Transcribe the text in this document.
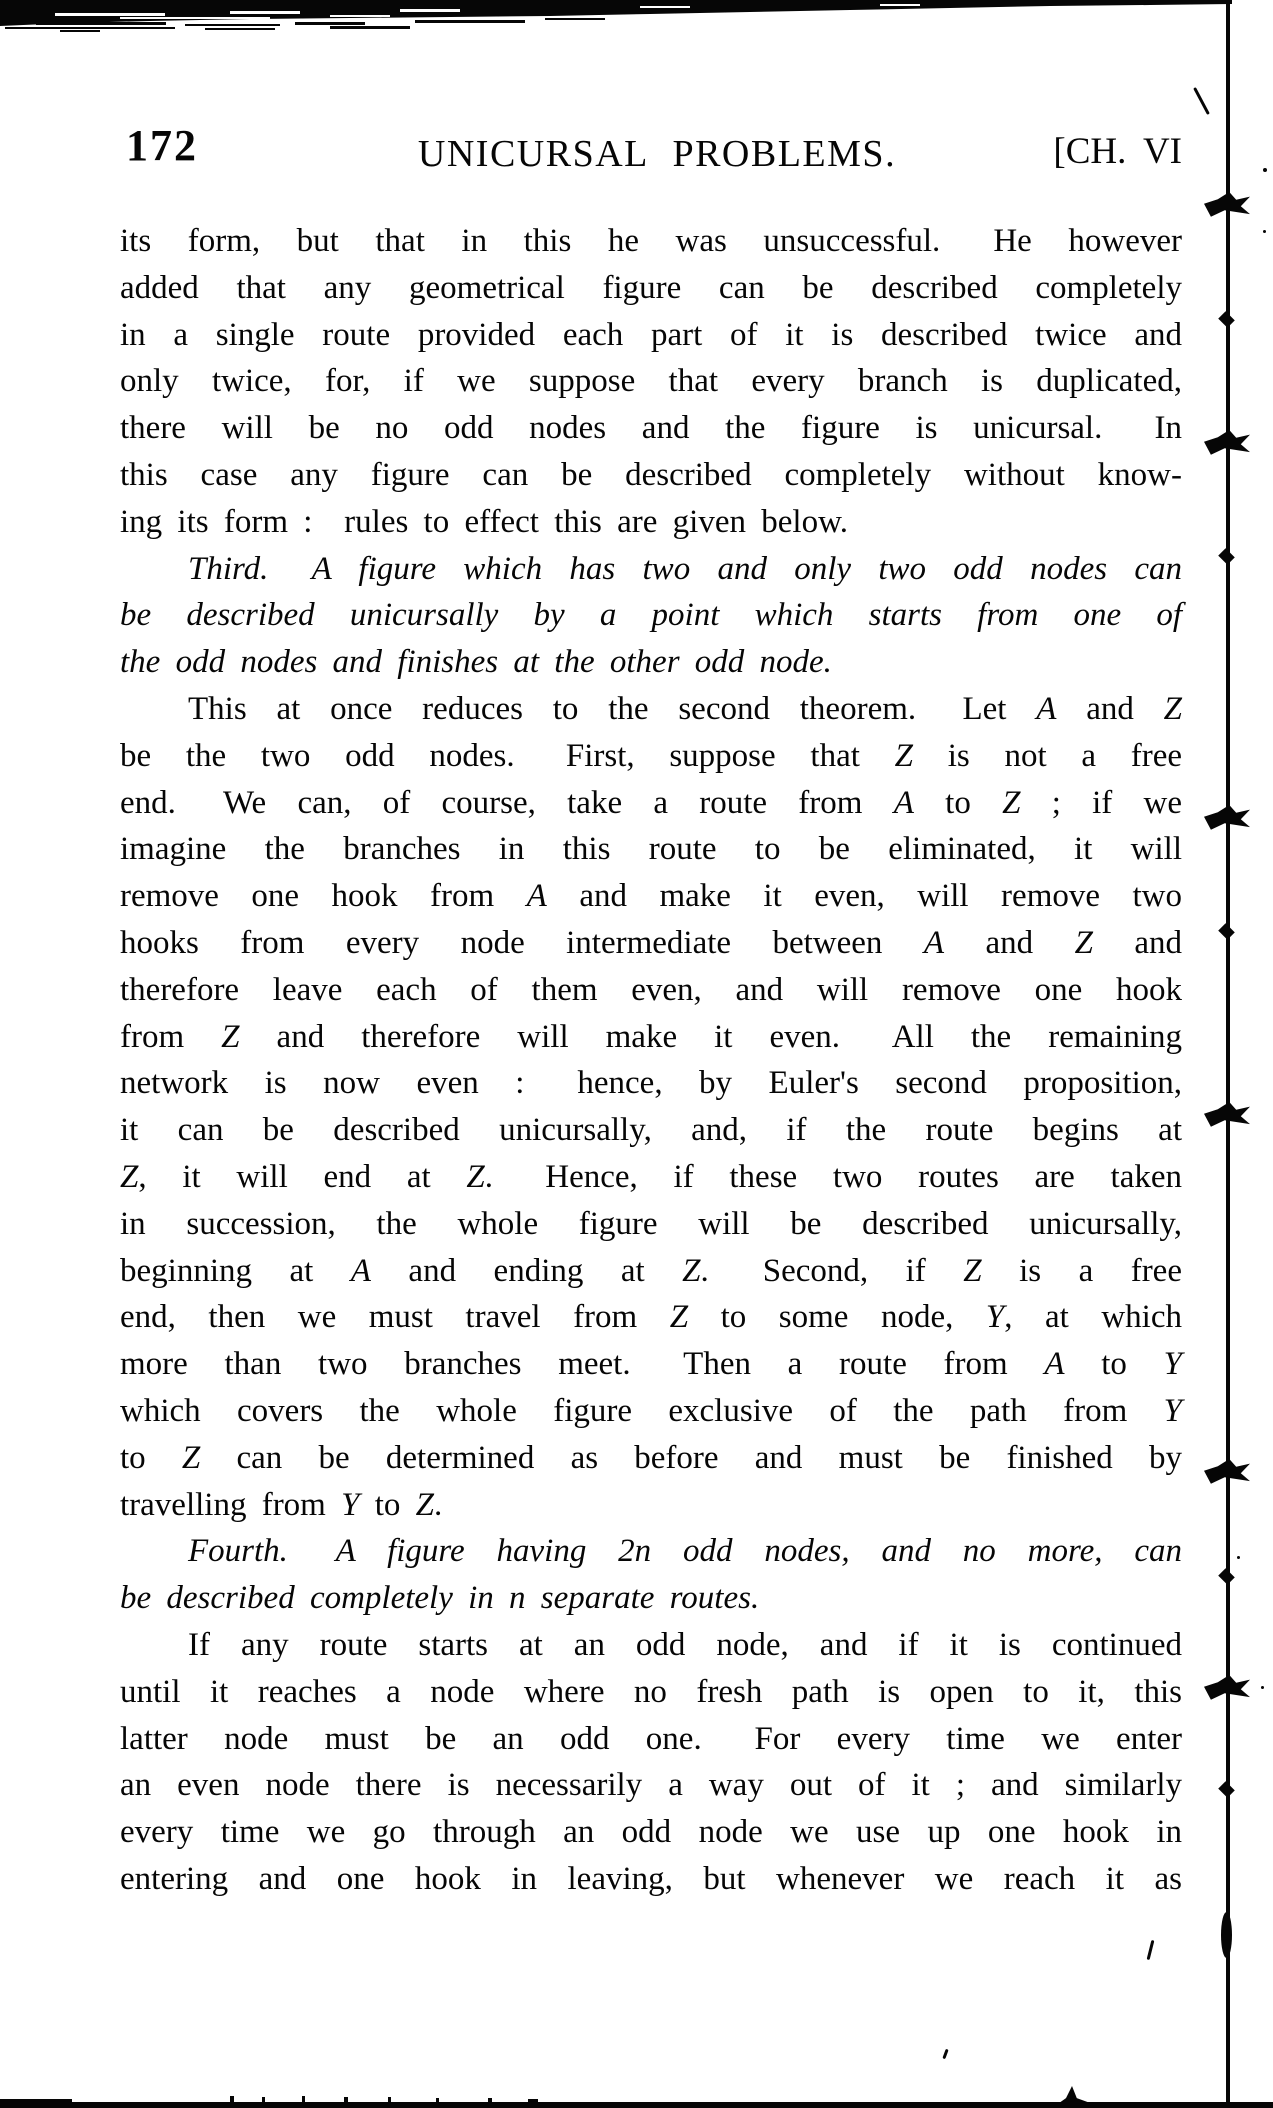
172	UNICURSAL PROBLEMS.	[CH. VI
its form, but that in this he was unsuccessful.  He however
added that any geometrical figure can be described completely
in a single route provided each part of it is described twice and
only twice, for, if we suppose that every branch is duplicated,
there will be no odd nodes and the figure is unicursal.  In
this case any figure can be described completely without know-
ing its form :  rules to effect this are given below.
Third.  A figure which has two and only two odd nodes can
be described unicursally by a point which starts from one of
the odd nodes and finishes at the other odd node.
This at once reduces to the second theorem.  Let A and Z
be the two odd nodes.  First, suppose that Z is not a free
end.  We can, of course, take a route from A to Z ; if we
imagine the branches in this route to be eliminated, it will
remove one hook from A and make it even, will remove two
hooks from every node intermediate between A and Z and
therefore leave each of them even, and will remove one hook
from Z and therefore will make it even.  All the remaining
network is now even :  hence, by Euler's second proposition,
it can be described unicursally, and, if the route begins at
Z, it will end at Z.  Hence, if these two routes are taken
in succession, the whole figure will be described unicursally,
beginning at A and ending at Z.  Second, if Z is a free
end, then we must travel from Z to some node, Y, at which
more than two branches meet.  Then a route from A to Y
which covers the whole figure exclusive of the path from Y
to Z can be determined as before and must be finished by
travelling from Y to Z.
Fourth.  A figure having 2n odd nodes, and no more, can
be described completely in n separate routes.
If any route starts at an odd node, and if it is continued
until it reaches a node where no fresh path is open to it, this
latter node must be an odd one.  For every time we enter
an even node there is necessarily a way out of it ; and similarly
every time we go through an odd node we use up one hook in
entering and one hook in leaving, but whenever we reach it as
